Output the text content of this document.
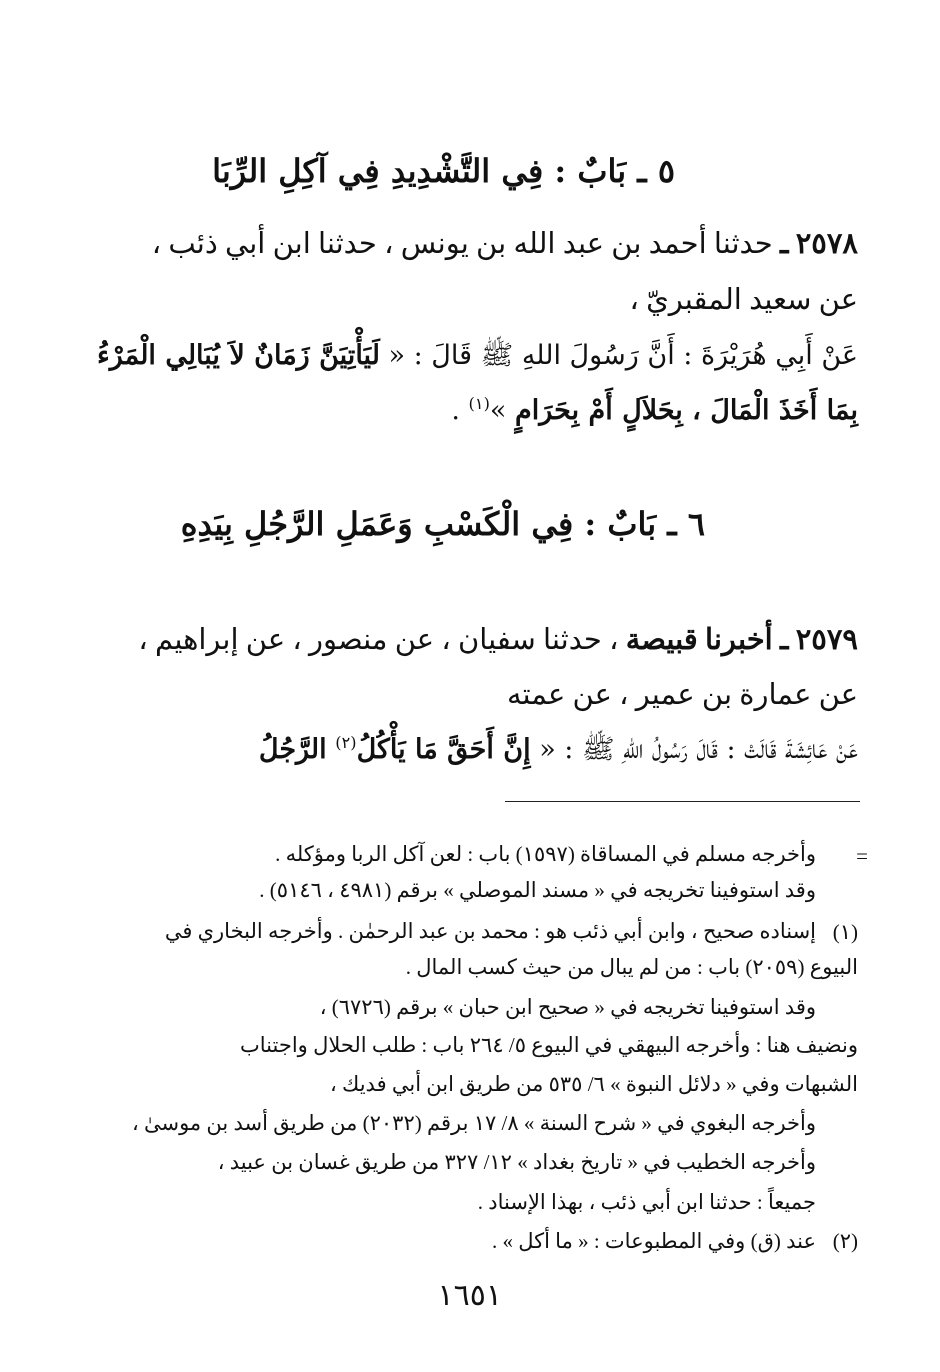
٥ ـ بَابٌ : فِي التَّشْدِيدِ فِي آكِلِ الرِّبَا
٢٥٧٨ ـ حدثنا أحمد بن عبد الله بن يونس ، حدثنا ابن أبي ذئب ،
عن سعيد المقبريّ ،
عَنْ أَبِي هُرَيْرَةَ : أَنَّ رَسُولَ اللهِ ﷺ قَالَ : « لَيَأْتِيَنَّ زَمَانٌ لاَ يُبَالِي الْمَرْءُ
بِمَا أَخَذَ الْمَالَ ، بِحَلاَلٍ أَمْ بِحَرَامٍ »$^{(١)}$ .
٦ ـ بَابٌ : فِي الْكَسْبِ وَعَمَلِ الرَّجُلِ بِيَدِهِ
٢٥٧٩ ـ أخبرنا قبيصة ، حدثنا سفيان ، عن منصور ، عن إبراهيم ،
عن عمارة بن عمير ، عن عمته
عَنْ عَائِشَةَ قَالَتْ : قَالَ رَسُولُ اللهِ ﷺ : « إِنَّ أَحَقَّ مَا يَأْكُلُ$^{(٢)}$ الرَّجُلُ
=
وأخرجه مسلم في المساقاة (١٥٩٧) باب : لعن آكل الربا ومؤكله .
وقد استوفينا تخريجه في « مسند الموصلي » برقم (٤٩٨١ ، ٥١٤٦) .
(١)
إسناده صحيح ، وابن أبي ذئب هو : محمد بن عبد الرحمٰن . وأخرجه البخاري في
البيوع (٢٠٥٩) باب : من لم يبال من حيث كسب المال .
وقد استوفينا تخريجه في « صحيح ابن حبان » برقم (٦٧٢٦) ،
ونضيف هنا : وأخرجه البيهقي في البيوع ٥/ ٢٦٤ باب : طلب الحلال واجتناب
الشبهات وفي « دلائل النبوة » ٦/ ٥٣٥ من طريق ابن أبي فديك ،
وأخرجه البغوي في « شرح السنة » ٨/ ١٧ برقم (٢٠٣٢) من طريق أسد بن موسىٰ ،
وأخرجه الخطيب في « تاريخ بغداد » ١٢/ ٣٢٧ من طريق غسان بن عبيد ،
جميعاً : حدثنا ابن أبي ذئب ، بهذا الإسناد .
(٢)
عند (ق) وفي المطبوعات : « ما أكل » .
١٦٥١
